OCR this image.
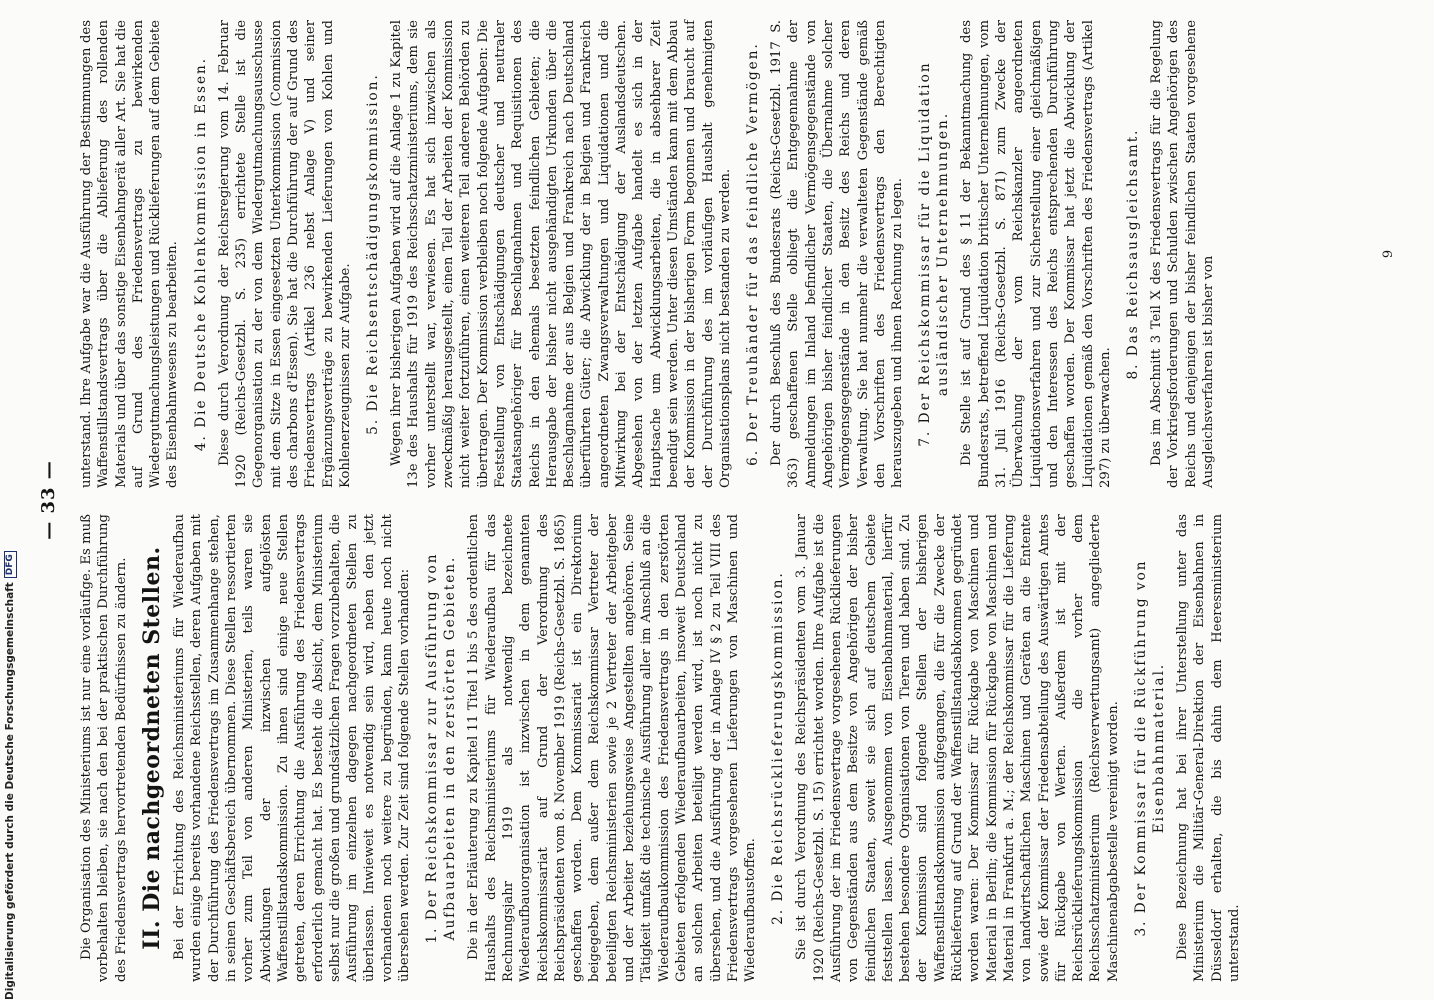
— 33 —

Die Organisation des Ministeriums ist nur eine vorläufige. Es muß vorbehalten bleiben, sie nach den bei der praktischen Durchführung des Friedensvertrags hervortretenden Bedürfnissen zu ändern. II. Die nachgeordneten Stellen. Bei der Errichtung des Reichsministeriums für Wiederaufbau wurden einige bereits vorhandene Reichsstellen, deren Aufgaben mit der Durchführung des Friedensvertrags im Zusammenhange stehen, in seinen Geschäftsbereich übernommen. Diese Stellen ressortierten vorher zum Teil von anderen Ministerien, teils waren sie Abwicklungen der inzwischen aufgelösten Waffenstillstandskommission. Zu ihnen sind einige neue Stellen getreten, deren Errichtung die Ausführung des Friedensvertrags erforderlich gemacht hat. Es besteht die Absicht, dem Ministerium selbst nur die großen und grundsätzlichen Fragen vorzubehalten, die Ausführung im einzelnen dagegen nachgeordneten Stellen zu überlassen. Inwieweit es notwendig sein wird, neben den jetzt vorhandenen noch weitere zu begründen, kann heute noch nicht übersehen werden. Zur Zeit sind folgende Stellen vorhanden: 1. Der Reichskommissar zur Ausführung von Aufbauarbeiten in den zerstörten Gebieten. Die in der Erläuterung zu Kapitel 11 Titel 1 bis 5 des ordentlichen Haushalts des Reichsministeriums für Wiederaufbau für das Rechnungsjahr 1919 als notwendig bezeichnete Wiederaufbauorganisation ist inzwischen in dem genannten Reichskommissariat auf Grund der Verordnung des Reichspräsidenten vom 8. November 1919 (Reichs-Gesetzbl. S. 1865) geschaffen worden. Dem Kommissariat ist ein Direktorium beigegeben, dem außer dem Reichskommissar Vertreter der beteiligten Reichsministerien sowie je 2 Vertreter der Arbeitgeber und der Arbeiter beziehungsweise Angestellten angehören. Seine Tätigkeit umfaßt die technische Ausführung aller im Anschluß an die Wiederaufbaukommission des Friedensvertrags in den zerstörten Gebieten erfolgenden Wiederaufbauarbeiten, insoweit Deutschland an solchen Arbeiten beteiligt werden wird, ist noch nicht zu übersehen, und die Ausführung der in Anlage IV § 2 zu Teil VIII des Friedensvertrags vorgesehenen Lieferungen von Maschinen und Wiederaufbaustoffen. 2. Die Reichsrücklieferungskommission. Sie ist durch Verordnung des Reichspräsidenten vom 3. Januar 1920 (Reichs-Gesetzbl. S. 15) errichtet worden. Ihre Aufgabe ist die Ausführung der im Friedensvertrage vorgesehenen Rücklieferungen von Gegenständen aus dem Besitze von Angehörigen der bisher feindlichen Staaten, soweit sie sich auf deutschem Gebiete feststellen lassen. Ausgenommen von Eisenbahnmaterial, hierfür bestehen besondere Organisationen von Tieren und haben sind. Zu der Kommission sind folgende Stellen der bisherigen Waffenstillstandskommission aufgegangen, die für die Zwecke der Rücklieferung auf Grund der Waffenstillstandsabkommen gegründet worden waren: Der Kommissar für Rückgabe von Maschinen und Material in Berlin; die Kommission für Rückgabe von Maschinen und Material in Frankfurt a. M.; der Reichskommissar für die Lieferung von landwirtschaftlichen Maschinen und Geräten an die Entente sowie der Kommissar der Friedensabteilung des Auswärtigen Amtes für Rückgabe von Werten. Außerdem ist mit der Reichsrücklieferungskommission die vorher dem Reichsschatzministerium (Reichsverwertungsamt) angegliederte Maschinenabgabestelle vereinigt worden. 3. Der Kommissar für die Rückführung von Eisenbahnmaterial. Diese Bezeichnung hat bei ihrer Unterstellung unter das Ministerium die Militär-General-Direktion der Eisenbahnen in Düsseldorf erhalten, die bis dahin dem Heeresministerium unterstand.

unterstand. Ihre Aufgabe war die Ausführung der Bestimmungen des Waffenstillstandsvertrags über die Ablieferung des rollenden Materials und über das sonstige Eisenbahngerät aller Art. Sie hat die auf Grund des Friedensvertrags zu bewirkenden Wiedergutmachungsleistungen und Rücklieferungen auf dem Gebiete des Eisenbahnwesens zu bearbeiten. 4. Die Deutsche Kohlenkommission in Essen. Diese durch Verordnung der Reichsregierung vom 14. Februar 1920 (Reichs-Gesetzbl. S. 235) errichtete Stelle ist die Gegenorganisation zu der von dem Wiedergutmachungsausschusse mit dem Sitze in Essen eingesetzten Unterkommission (Commission des charbons d'Essen). Sie hat die Durchführung der auf Grund des Friedensvertrags (Artikel 236 nebst Anlage V) und seiner Ergänzungsverträge zu bewirkenden Lieferungen von Kohlen und Kohlenerzeugnissen zur Aufgabe. 5. Die Reichsentschädigungskommission. Wegen ihrer bisherigen Aufgaben wird auf die Anlage 1 zu Kapitel 13e des Haushalts für 1919 des Reichsschatzministeriums, dem sie vorher unterstellt war, verwiesen. Es hat sich inzwischen als zweckmäßig herausgestellt, einen Teil der Arbeiten der Kommission nicht weiter fortzuführen, einen weiteren Teil anderen Behörden zu übertragen. Der Kommission verbleiben noch folgende Aufgaben: Die Feststellung von Entschädigungen deutscher und neutraler Staatsangehöriger für Beschlagnahmen und Requisitionen des Reichs in den ehemals besetzten feindlichen Gebieten; die Herausgabe der bisher nicht ausgehändigten Urkunden über die Beschlagnahme der aus Belgien und Frankreich nach Deutschland überführten Güter; die Abwicklung der in Belgien und Frankreich angeordneten Zwangsverwaltungen und Liquidationen und die Mitwirkung bei der Entschädigung der Auslandsdeutschen. Abgesehen von der letzten Aufgabe handelt es sich in der Hauptsache um Abwicklungsarbeiten, die in absehbarer Zeit beendigt sein werden. Unter diesen Umständen kann mit dem Abbau der Kommission in der bisherigen Form begonnen und braucht auf der Durchführung des im vorläufigen Haushalt genehmigten Organisationsplans nicht bestanden zu werden. 6. Der Treuhänder für das feindliche Vermögen. Der durch Beschluß des Bundesrats (Reichs-Gesetzbl. 1917 S. 363) geschaffenen Stelle obliegt die Entgegennahme der Anmeldungen im Inland befindlicher Vermögensgegenstände von Angehörigen bisher feindlicher Staaten, die Übernahme solcher Vermögensgegenstände in den Besitz des Reichs und deren Verwaltung. Sie hat nunmehr die verwalteten Gegenstände gemäß den Vorschriften des Friedensvertrags den Berechtigten herauszugeben und ihnen Rechnung zu legen. 7. Der Reichskommissar für die Liquidation ausländischer Unternehmungen. Die Stelle ist auf Grund des § 11 der Bekanntmachung des Bundesrats, betreffend Liquidation britischer Unternehmungen, vom 31. Juli 1916 (Reichs-Gesetzbl. S. 871) zum Zwecke der Überwachung der vom Reichskanzler angeordneten Liquidationsverfahren und zur Sicherstellung einer gleichmäßigen und den Interessen des Reichs entsprechenden Durchführung geschaffen worden. Der Kommissar hat jetzt die Abwicklung der Liquidationen gemäß den Vorschriften des Friedensvertrags (Artikel 297) zu überwachen.

8. Das Reichsausgleichsamt. Das im Abschnitt 3 Teil X des Friedensvertrags für die Regelung der Vorkriegsforderungen und Schulden zwischen Angehörigen des Reichs und denjenigen der bisher feindlichen Staaten vorgesehene Ausgleichsverfahren ist bisher von

9
Digitalisierung gefördert durch die Deutsche Forschungsgemeinschaft
DFG
